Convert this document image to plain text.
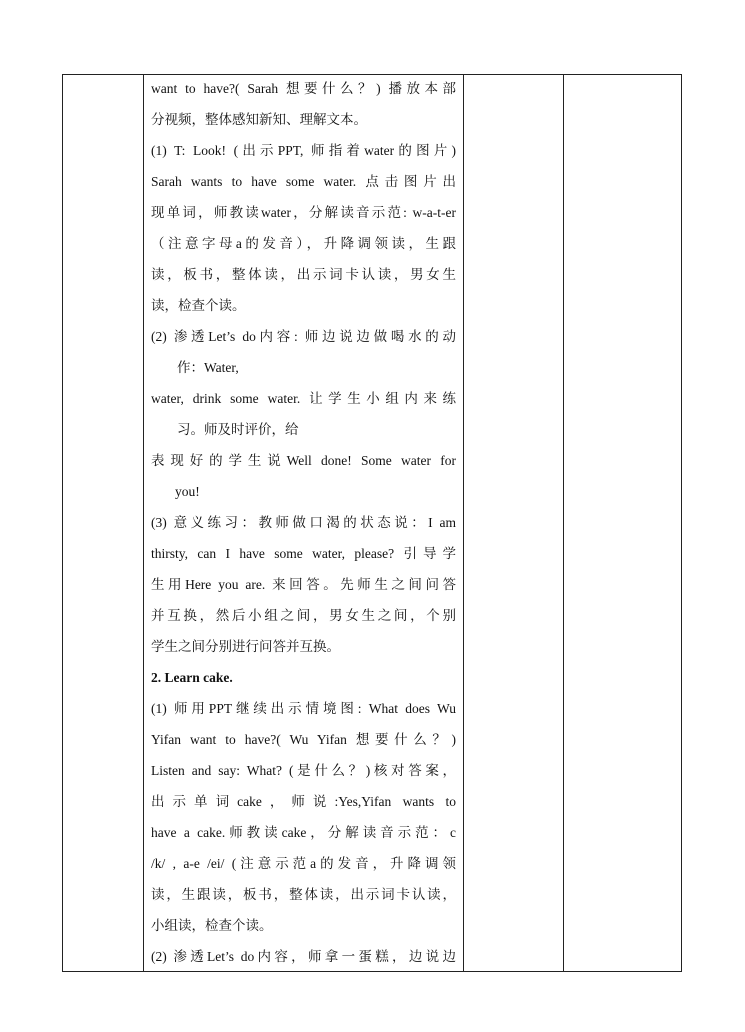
want to have?( Sarah 想要什么？) 播放本部
分视频，整体感知新知、理解文本。
(1) T: Look! (出示PPT, 师指着water的图片)
Sarah wants to have some water. 点击图片出
现单词，师教读water，分解读音示范: w-a-t-er
（注意字母a的发音），升降调领读，生跟
读，板书，整体读，出示词卡认读，男女生
读，检查个读。
(2) 渗透Let’s do内容: 师边说边做喝水的动
作：Water,
water, drink some water. 让学生小组内来练
习。师及时评价，给
表现好的学生说Well done! Some water for
you!
(3) 意义练习：教师做口渴的状态说：I am
thirsty, can I have some water, please? 引导学
生用Here you are. 来回答。先师生之间问答
并互换，然后小组之间，男女生之间，个别
学生之间分别进行问答并互换。
2. Learn cake.
(1) 师用PPT继续出示情境图: What does Wu
Yifan want to have?( Wu Yifan 想要什么？)
Listen and say: What? (是什么？)核对答案，
出示单词cake，师说:Yes,Yifan wants to
have a cake.师教读cake，分解读音示范：c
/k/ , a-e /ei/ (注意示范a的发音，升降调领
读，生跟读，板书，整体读，出示词卡认读，
小组读，检查个读。
(2) 渗透Let’s do内容，师拿一蛋糕，边说边
